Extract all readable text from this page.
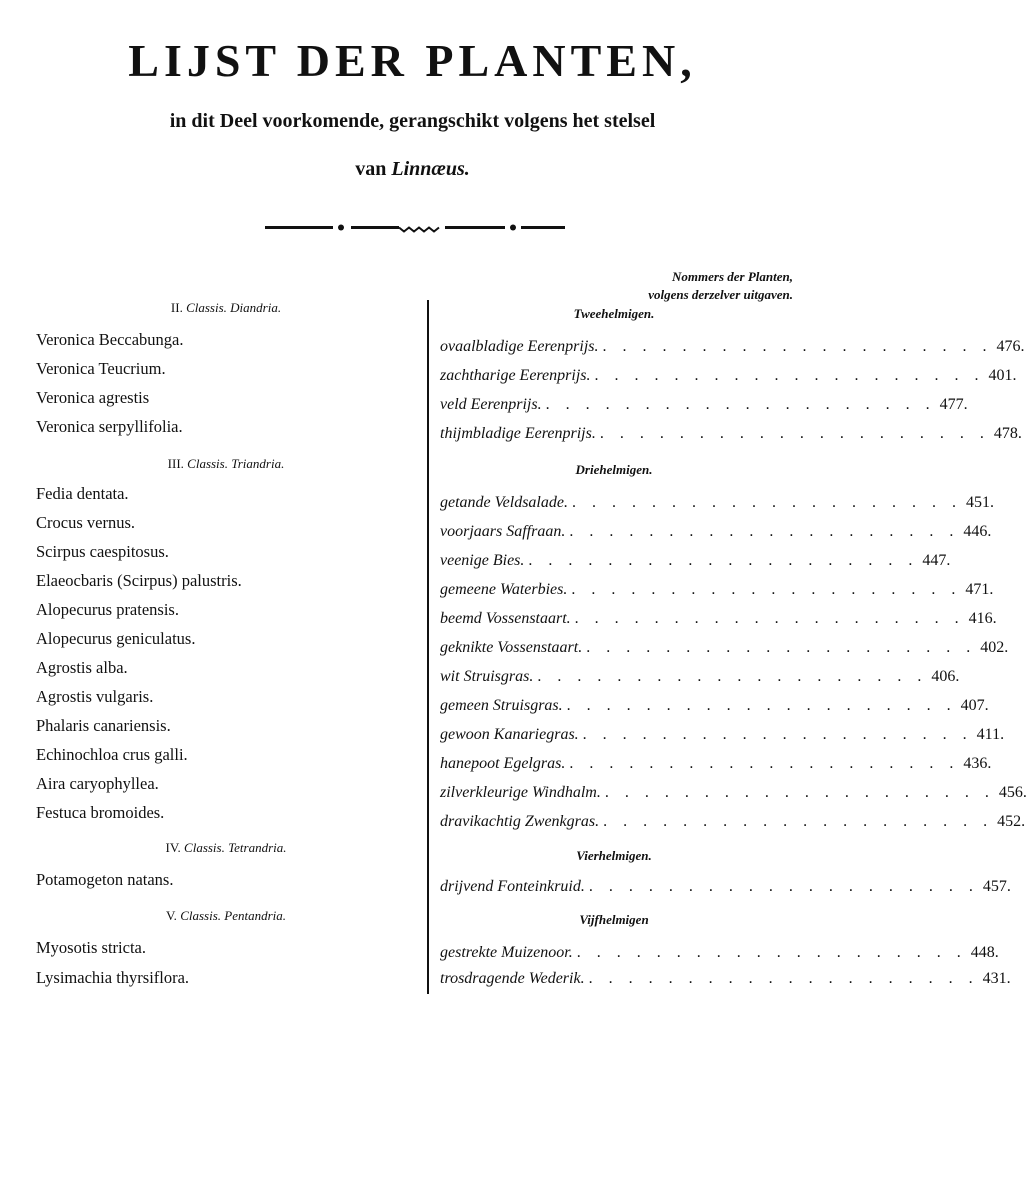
LIJST DER PLANTEN,
in dit Deel voorkomende, gerangschikt volgens het stelsel
van Linnæus.
Nommers der Planten,
volgens derzelver uitgaven.
II. Classis. Diandria.	Tweehelmigen.
Veronica Beccabunga.	ovaalbladige Eerenprijs. . . . . . . . . . . . . . . . . . . . . 476.
Veronica Teucrium.	zachtharige Eerenprijs. . . . . . . . . . . . . . . . . . . . . 401.
Veronica agrestis	veld Eerenprijs. . . . . . . . . . . . . . . . . . . . . 477.
Veronica serpyllifolia.	thijmbladige Eerenprijs. . . . . . . . . . . . . . . . . . . . . 478.
III. Classis. Triandria.	Driehelmigen.
Fedia dentata.	getande Veldsalade. . . . . . . . . . . . . . . . . . . . . 451.
Crocus vernus.	voorjaars Saffraan. . . . . . . . . . . . . . . . . . . . . 446.
Scirpus caespitosus.	veenige Bies. . . . . . . . . . . . . . . . . . . . . 447.
Elaeocbaris (Scirpus) palustris.	gemeene Waterbies. . . . . . . . . . . . . . . . . . . . . 471.
Alopecurus pratensis.	beemd Vossenstaart. . . . . . . . . . . . . . . . . . . . . 416.
Alopecurus geniculatus.	geknikte Vossenstaart. . . . . . . . . . . . . . . . . . . . . 402.
Agrostis alba.	wit Struisgras. . . . . . . . . . . . . . . . . . . . . 406.
Agrostis vulgaris.	gemeen Struisgras. . . . . . . . . . . . . . . . . . . . . 407.
Phalaris canariensis.	gewoon Kanariegras. . . . . . . . . . . . . . . . . . . . . 411.
Echinochloa crus galli.	hanepoot Egelgras. . . . . . . . . . . . . . . . . . . . . 436.
Aira caryophyllea.	zilverkleurige Windhalm. . . . . . . . . . . . . . . . . . . . . 456.
Festuca bromoides.	dravikachtig Zwenkgras. . . . . . . . . . . . . . . . . . . . . 452.
IV. Classis. Tetrandria.
Vierhelmigen.
Potamogeton natans.	drijvend Fonteinkruid. . . . . . . . . . . . . . . . . . . . . 457.
V. Classis. Pentandria.	Vijfhelmigen
Myosotis stricta.	gestrekte Muizenoor. . . . . . . . . . . . . . . . . . . . . 448.
Lysimachia thyrsiflora.	trosdragende Wederik. . . . . . . . . . . . . . . . . . . . . 431.
